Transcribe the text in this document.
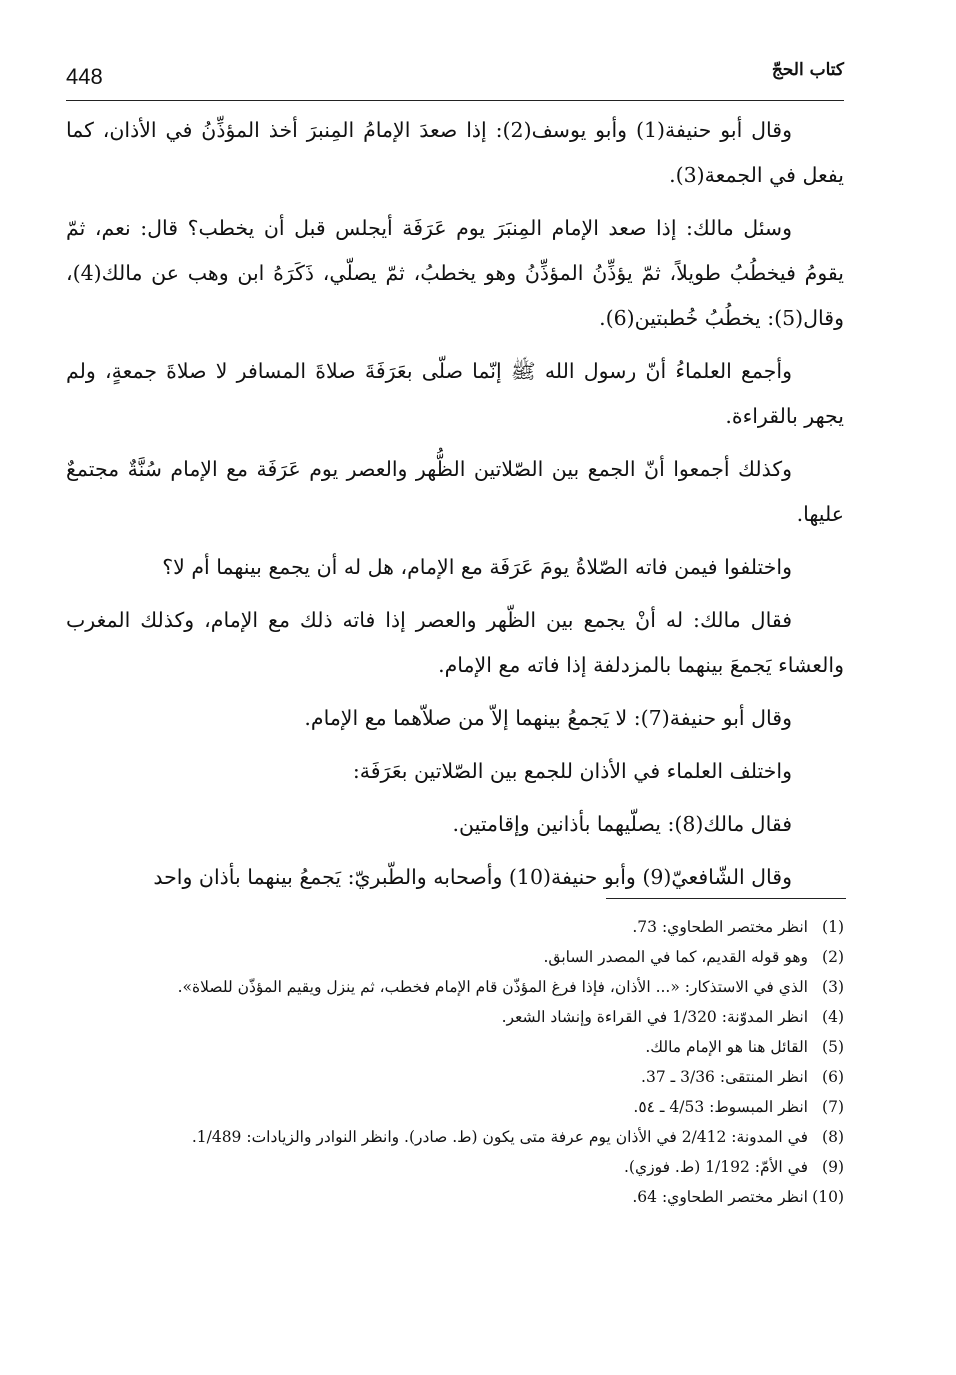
448	كتاب الحجّ

وقال أبو حنيفة(1) وأبو يوسف(2): إذا صعدَ الإمامُ المِنبرَ أخذ المؤذِّنُ في الأذان، كما يفعل في الجمعة(3).

وسئل مالك: إذا صعد الإمام المِنبَرَ يوم عَرَفَة أيجلس قبل أن يخطب؟ قال: نعم، ثمّ يقومُ فيخطُبُ طويلاً، ثمّ يؤذِّنُ المؤذِّنُ وهو يخطبُ، ثمّ يصلّي، ذَكَرَهُ ابن وهب عن مالك(4)، وقال(5): يخطُبُ خُطبتين(6).

وأجمع العلماءُ أنّ رسول الله ﷺ إنّما صلّى بعَرَفَةَ صلاةَ المسافر لا صلاةَ جمعةٍ، ولم يجهر بالقراءة.

وكذلك أجمعوا أنّ الجمع بين الصّلاتين الظُّهر والعصر يوم عَرَفَة مع الإمام سُنَّةٌ مجتمعٌ عليها.

واختلفوا فيمن فاته الصّلاةُ يومَ عَرَفَة مع الإمام، هل له أن يجمع بينهما أم لا؟

فقال مالك: له أنْ يجمع بين الظّهر والعصر إذا فاته ذلك مع الإمام، وكذلك المغرب والعشاء يَجمعَ بينهما بالمزدلفة إذا فاته مع الإمام.

وقال أبو حنيفة(7): لا يَجمعُ بينهما إلاّ من صلاّهما مع الإمام.

واختلف العلماء في الأذان للجمع بين الصّلاتين بعَرَفَة:

فقال مالك(8): يصلّيهما بأذانين وإقامتين.

وقال الشّافعيّ(9) وأبو حنيفة(10) وأصحابه والطّبريّ: يَجمعُ بينهما بأذان واحد

(1)
انظر مختصر الطحاوي: 73.
(2)
وهو قوله القديم، كما في المصدر السابق.
(3)
الذي في الاستذكار: «... الأذان، فإذا فرغ المؤذّن قام الإمام فخطب، ثم ينزل ويقيم المؤذّن للصلاة».
(4)
انظر المدوّنة: 1/320 في القراءة وإنشاد الشعر.
(5)
القائل هنا هو الإمام مالك.
(6)
انظر المنتقى: 3/36 ـ 37.
(7)
انظر المبسوط: 4/53 ـ ٥٤.
(8)
في المدونة: 2/412 في الأذان يوم عرفة متى يكون (ط. صادر). وانظر النوادر والزيادات: 1/489.
(9)
في الأمّ: 1/192 (ط. فوزي).
(10)
انظر مختصر الطحاوي: 64.
